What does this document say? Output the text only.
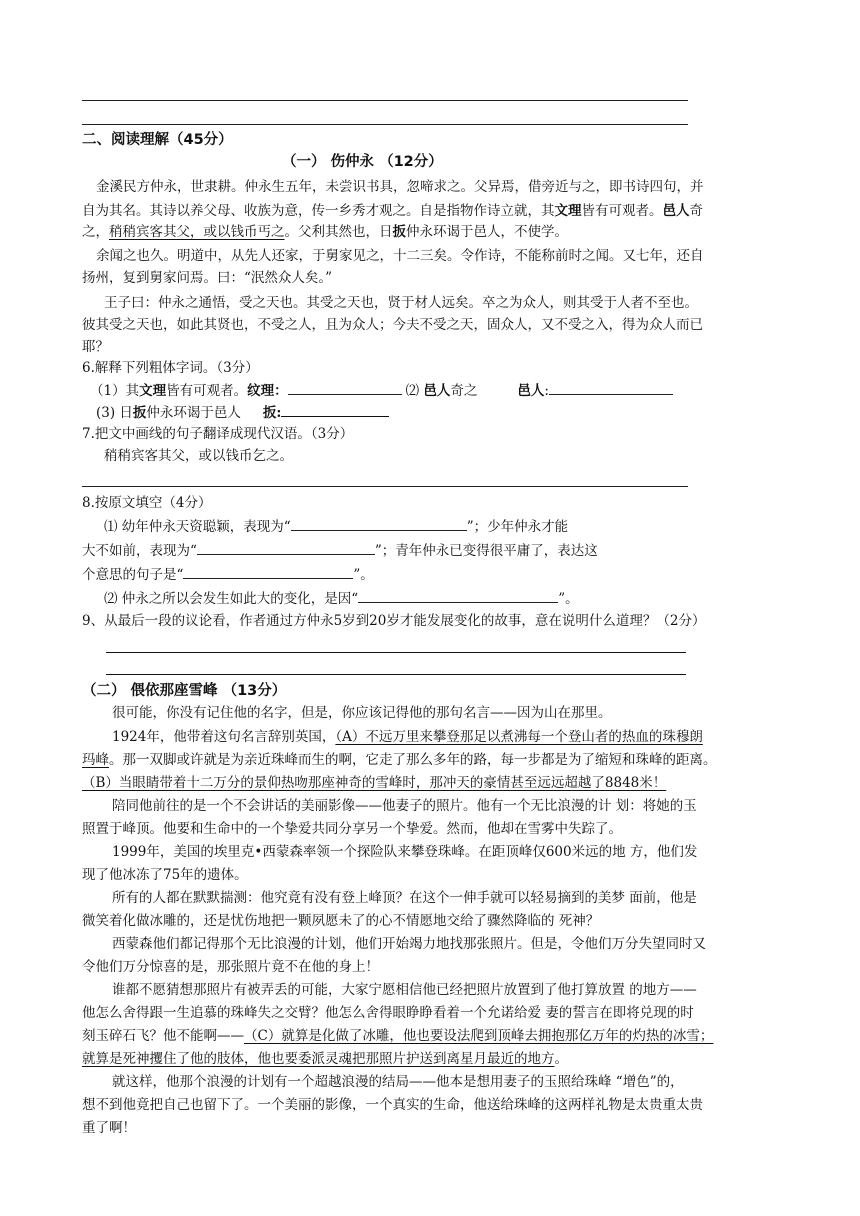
二、阅读理解（45分）
（一） 伤仲永 （12分）
金溪民方仲永，世隶耕。仲永生五年，未尝识书具，忽啼求之。父异焉，借旁近与之，即书诗四句，并
自为其名。其诗以养父母、收族为意，传一乡秀才观之。自是指物作诗立就，其文理皆有可观者。邑人奇
之，稍稍宾客其父，或以钱币丐之。父利其然也，日扳仲永环谒于邑人，不使学。
余闻之也久。明道中，从先人还家，于舅家见之，十二三矣。令作诗，不能称前时之闻。又七年，还自
扬州，复到舅家问焉。曰：“泯然众人矣。”
王子曰：仲永之通悟，受之天也。其受之天也，贤于材人远矣。卒之为众人，则其受于人者不至也。
彼其受之天也，如此其贤也，不受之人，且为众人；今夫不受之天，固众人，又不受之入，得为众人而已
耶？
6.解释下列粗体字词。（3分）
（1）其文理皆有可观者。纹理：	⑵ 邑人奇之	邑人:
(3) 日扳仲永环谒于邑人 扳:
7.把文中画线的句子翻译成现代汉语。（3分）
稍稍宾客其父，或以钱币乞之。
8.按原文填空（4分）
⑴ 幼年仲永天资聪颖，表现为“	”；少年仲永才能
大不如前，表现为“	”；青年仲永已变得很平庸了，表达这
个意思的句子是“	”。
⑵ 仲永之所以会发生如此大的变化，是因“	”。
9、从最后一段的议论看，作者通过方仲永5岁到20岁才能发展变化的故事，意在说明什么道理？（2分）
（二） 偎依那座雪峰 （13分）
很可能，你没有记住他的名字，但是，你应该记得他的那句名言——因为山在那里。
1924年，他带着这句名言辞别英国，（A）不远万里来攀登那足以煮沸每一个登山者的热血的珠穆朗
玛峰。那一双脚或许就是为亲近珠峰而生的啊，它走了那么多年的路，每一步都是为了缩短和珠峰的距离。
（B）当眼睛带着十二万分的景仰热吻那座神奇的雪峰时，那冲天的豪情甚至远远超越了8848米！
陪同他前往的是一个不会讲话的美丽影像——他妻子的照片。他有一个无比浪漫的计 划：将她的玉
照置于峰顶。他要和生命中的一个挚爱共同分享另一个挚爱。然而，他却在雪雾中失踪了。
1999年，美国的埃里克•西蒙森率领一个探险队来攀登珠峰。在距顶峰仅600米远的地 方，他们发
现了他冰冻了75年的遗体。
所有的人都在默默揣测：他究竟有没有登上峰顶？在这个一伸手就可以轻易摘到的美梦 面前，他是
微笑着化做冰雕的，还是忧伤地把一颗夙愿未了的心不情愿地交给了骤然降临的 死神？
西蒙森他们都记得那个无比浪漫的计划，他们开始竭力地找那张照片。但是，令他们万分失望同时又
令他们万分惊喜的是，那张照片竟不在他的身上！
谁都不愿猜想那照片有被弄丢的可能，大家宁愿相信他已经把照片放置到了他打算放置 的地方——
他怎么舍得跟一生追慕的珠峰失之交臂？他怎么舍得眼睁睁看着一个允诺给爱 妻的誓言在即将兑现的时
刻玉碎石飞？他不能啊——（C）就算是化做了冰雕，他也要设法爬到顶峰去拥抱那亿万年的灼热的冰雪；
就算是死神攫住了他的肢体，他也要委派灵魂把那照片护送到离星月最近的地方。
就这样，他那个浪漫的计划有一个超越浪漫的结局——他本是想用妻子的玉照给珠峰 “增色”的，
想不到他竟把自己也留下了。一个美丽的影像，一个真实的生命，他送给珠峰的这两样礼物是太贵重太贵
重了啊！
